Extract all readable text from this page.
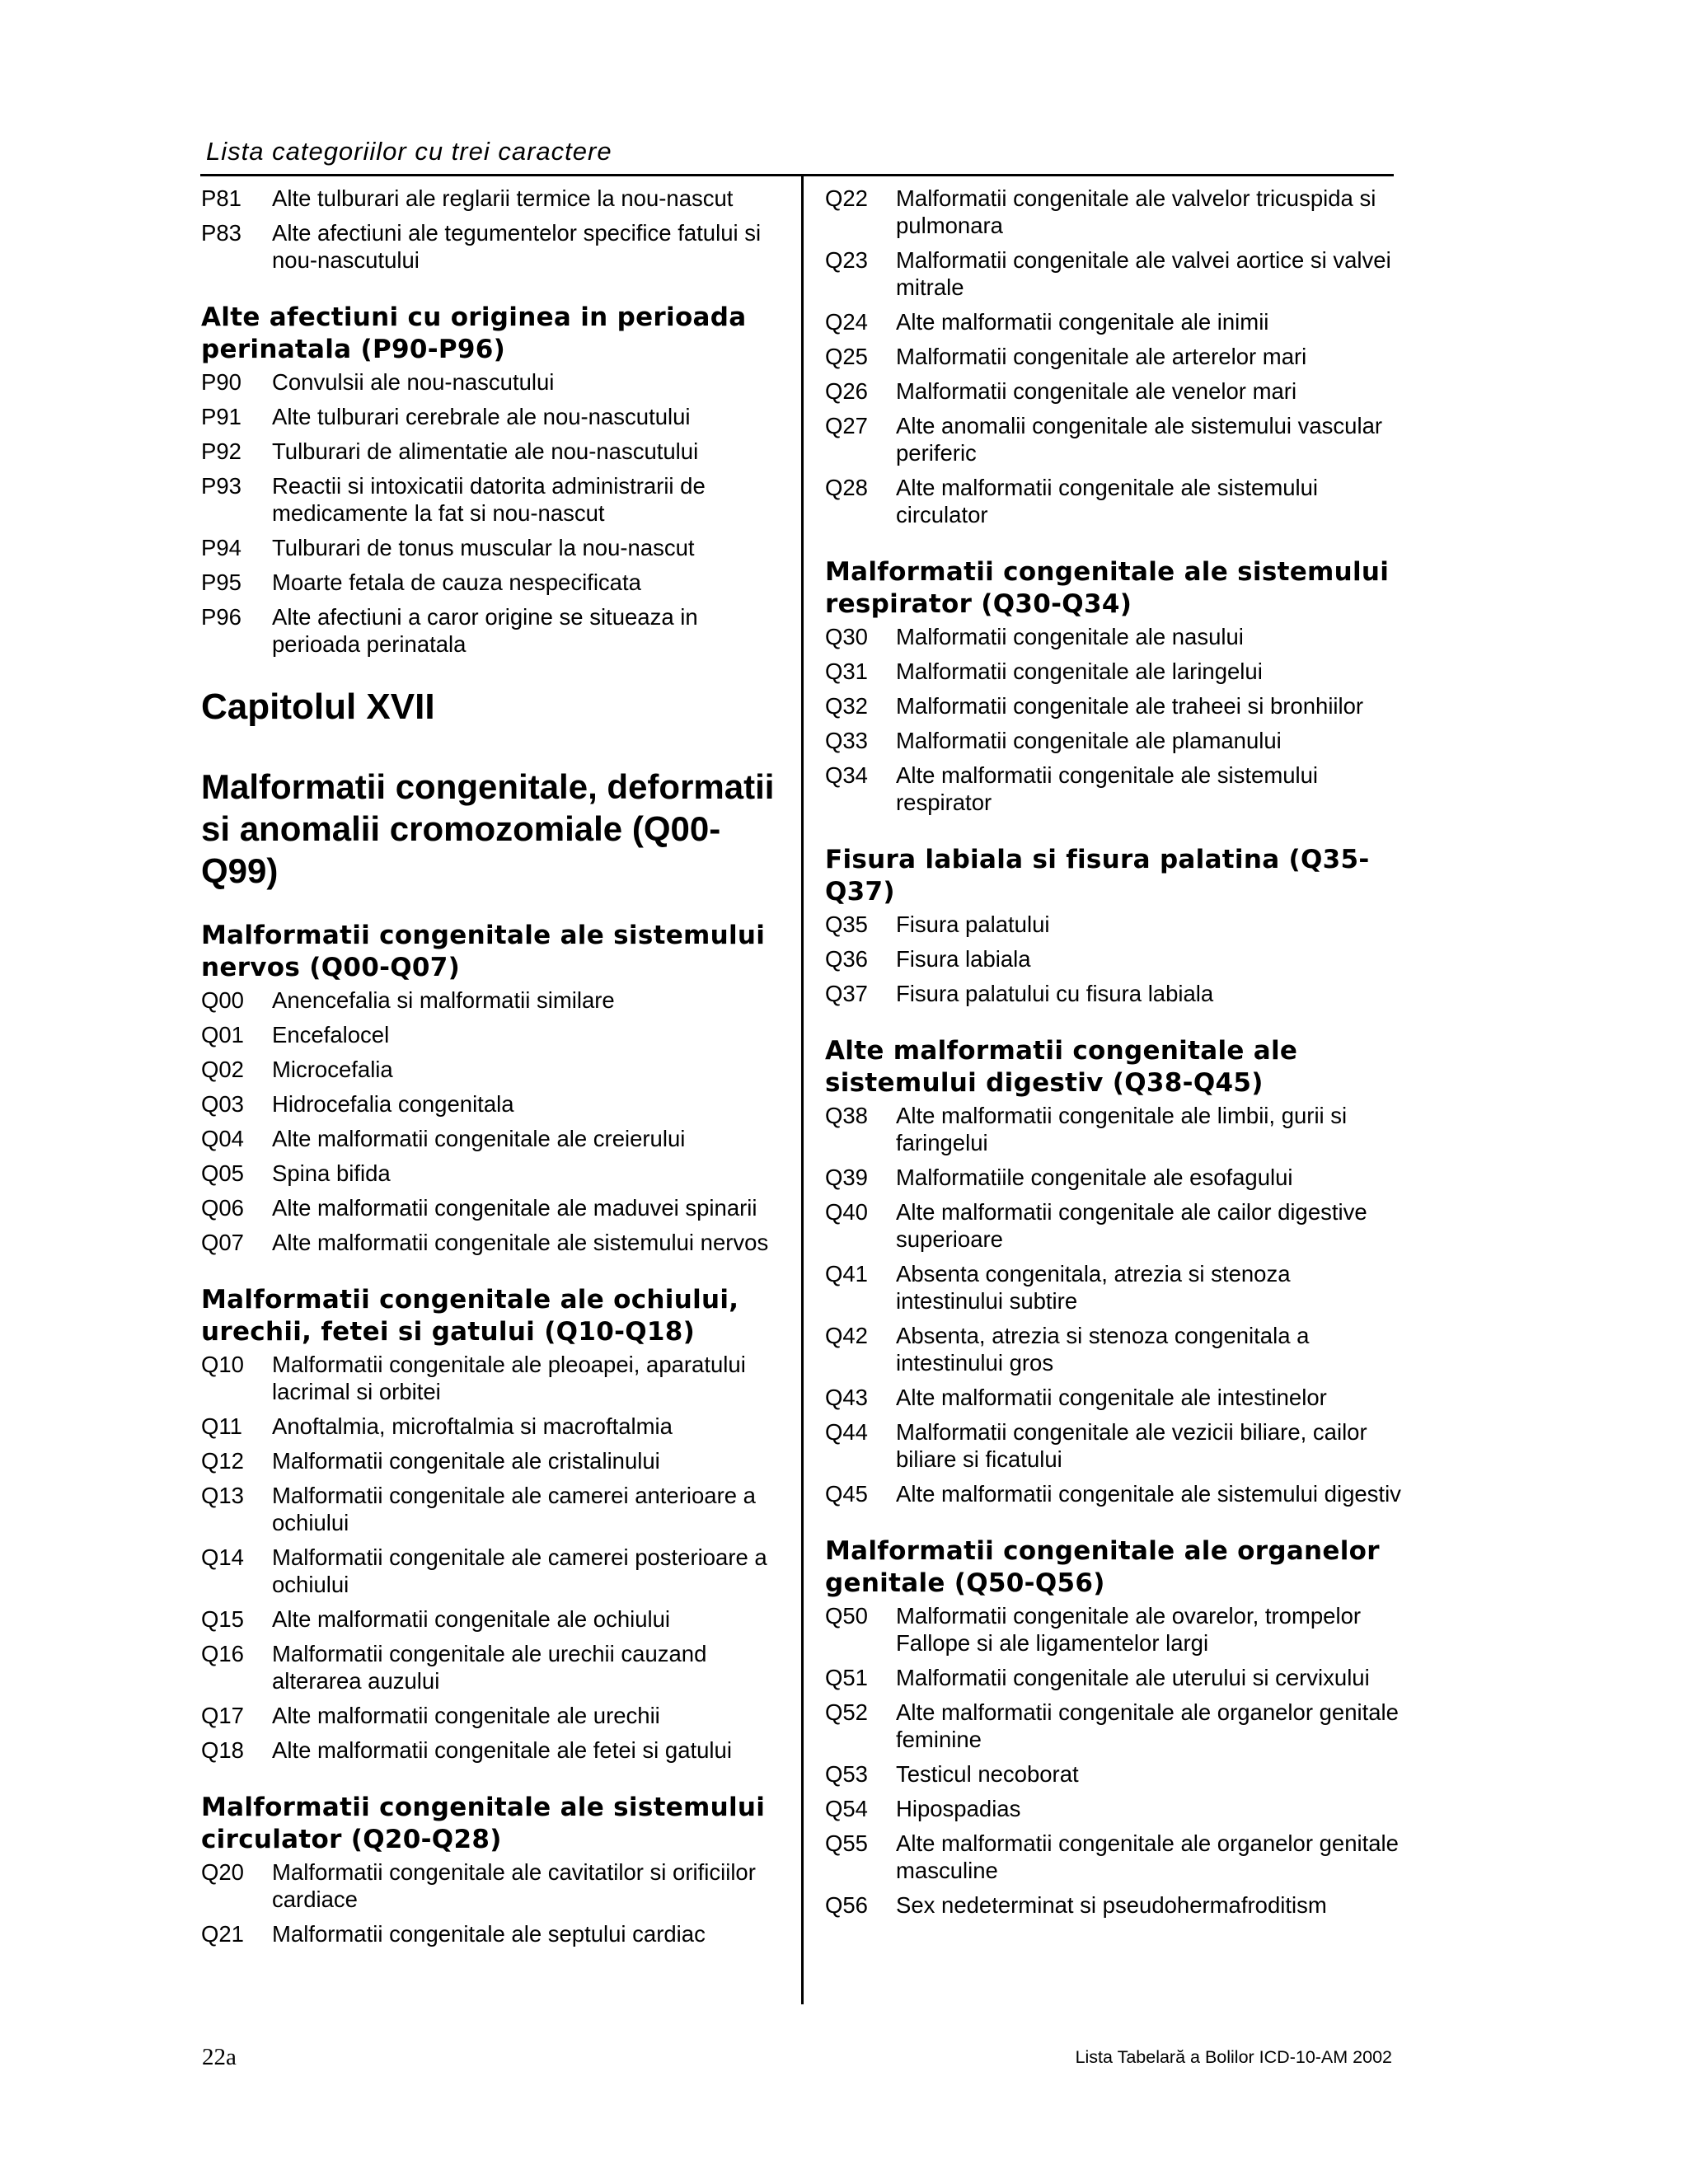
Lista categoriilor cu trei caractere
P81	Alte tulburari ale reglarii termice la nou-nascut
P83	Alte afectiuni ale tegumentelor specifice fatului si nou-nascutului
Alte afectiuni cu originea in perioada perinatala (P90-P96)
P90	Convulsii ale nou-nascutului
P91	Alte tulburari cerebrale ale nou-nascutului
P92	Tulburari de alimentatie ale nou-nascutului
P93	Reactii si intoxicatii datorita administrarii de medicamente la fat si nou-nascut
P94	Tulburari de tonus muscular la nou-nascut
P95	Moarte fetala de cauza nespecificata
P96	Alte afectiuni a caror origine se situeaza in perioada perinatala
Capitolul XVII
Malformatii congenitale, deformatii si anomalii cromozomiale (Q00-Q99)
Malformatii congenitale ale sistemului nervos (Q00-Q07)
Q00	Anencefalia si malformatii similare
Q01	Encefalocel
Q02	Microcefalia
Q03	Hidrocefalia congenitala
Q04	Alte malformatii congenitale ale creierului
Q05	Spina bifida
Q06	Alte malformatii congenitale ale maduvei spinarii
Q07	Alte malformatii congenitale ale sistemului nervos
Malformatii congenitale ale ochiului, urechii, fetei si gatului (Q10-Q18)
Q10	Malformatii congenitale ale pleoapei, aparatului lacrimal si orbitei
Q11	Anoftalmia, microftalmia si macroftalmia
Q12	Malformatii congenitale ale cristalinului
Q13	Malformatii congenitale ale camerei anterioare a ochiului
Q14	Malformatii congenitale ale camerei posterioare a ochiului
Q15	Alte malformatii congenitale ale ochiului
Q16	Malformatii congenitale ale urechii cauzand alterarea auzului
Q17	Alte malformatii congenitale ale urechii
Q18	Alte malformatii congenitale ale fetei si gatului
Malformatii congenitale ale sistemului circulator (Q20-Q28)
Q20	Malformatii congenitale ale cavitatilor si orificiilor cardiace
Q21	Malformatii congenitale ale septului cardiac
Q22	Malformatii congenitale ale valvelor tricuspida si pulmonara
Q23	Malformatii congenitale ale valvei aortice si valvei mitrale
Q24	Alte malformatii congenitale ale inimii
Q25	Malformatii congenitale ale arterelor mari
Q26	Malformatii congenitale ale venelor mari
Q27	Alte anomalii congenitale ale sistemului vascular periferic
Q28	Alte malformatii congenitale ale sistemului circulator
Malformatii congenitale ale sistemului respirator (Q30-Q34)
Q30	Malformatii congenitale ale nasului
Q31	Malformatii congenitale ale laringelui
Q32	Malformatii congenitale ale traheei si bronhiilor
Q33	Malformatii congenitale ale plamanului
Q34	Alte malformatii congenitale ale sistemului respirator
Fisura labiala si fisura palatina (Q35-Q37)
Q35	Fisura palatului
Q36	Fisura labiala
Q37	Fisura palatului cu fisura labiala
Alte malformatii congenitale ale sistemului digestiv (Q38-Q45)
Q38	Alte malformatii congenitale ale limbii, gurii si faringelui
Q39	Malformatiile congenitale ale esofagului
Q40	Alte malformatii congenitale ale cailor digestive superioare
Q41	Absenta congenitala, atrezia si stenoza intestinului subtire
Q42	Absenta, atrezia si stenoza congenitala a intestinului gros
Q43	Alte malformatii congenitale ale intestinelor
Q44	Malformatii congenitale ale vezicii biliare, cailor biliare si ficatului
Q45	Alte malformatii congenitale ale sistemului digestiv
Malformatii congenitale ale organelor genitale (Q50-Q56)
Q50	Malformatii congenitale ale ovarelor, trompelor Fallope si ale ligamentelor largi
Q51	Malformatii congenitale ale uterului si cervixului
Q52	Alte malformatii congenitale ale organelor genitale feminine
Q53	Testicul necoborat
Q54	Hipospadias
Q55	Alte malformatii congenitale ale organelor genitale masculine
Q56	Sex nedeterminat si pseudohermafroditism
22a	Lista Tabelară a Bolilor ICD-10-AM 2002
